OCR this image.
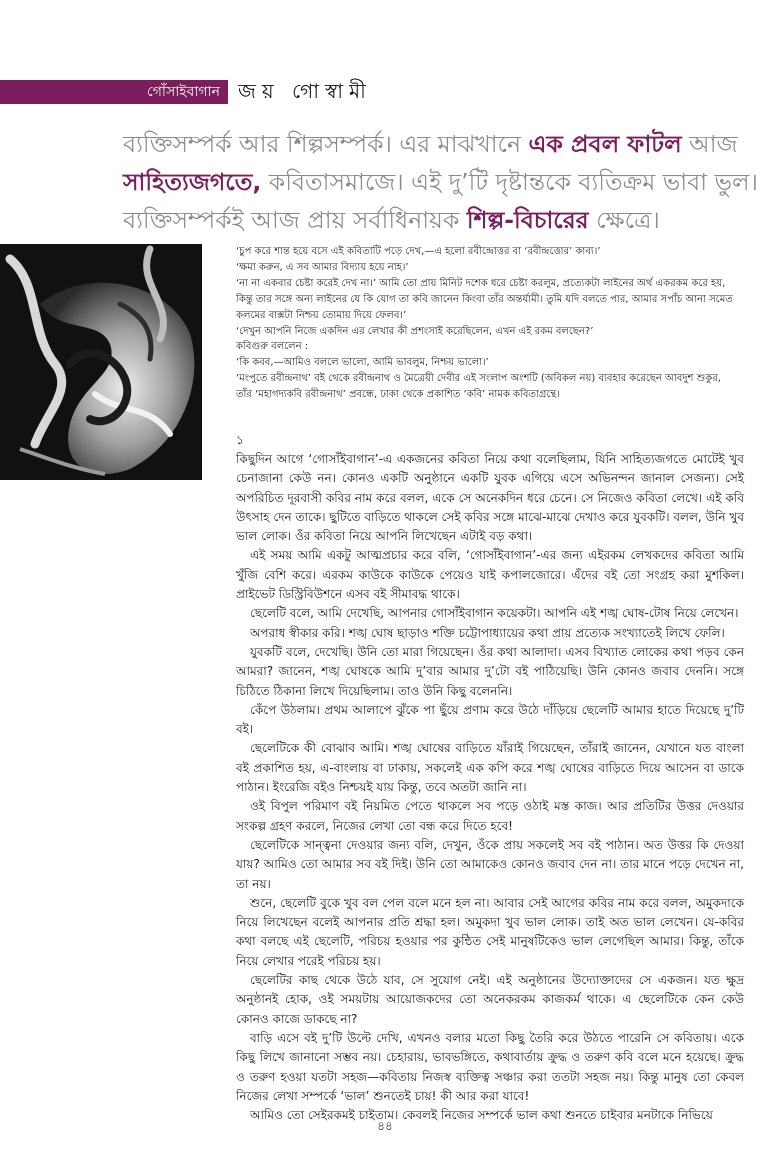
গোঁসাইবাগান জয় গোস্বামী

ব্যক্তিসম্পর্ক আর শিল্পসম্পর্ক। এর মাঝখানে এক প্রবল ফাটল আজ সাহিত্যজগতে, কবিতাসমাজে। এই দু’টি দৃষ্টান্তকে ব্যতিক্রম ভাবা ভুল। ব্যক্তিসম্পর্কই আজ প্রায় সর্বাধিনায়ক শিল্প-বিচারের ক্ষেত্রে।

‘চুপ করে শান্ত হয়ে বসে এই কবিতাটি পড়ে দেখ,—এ হলো রবীন্দ্রোত্তর বা ‘রবীন্দ্রত্তোর’ কাব্য।’

‘ক্ষমা করুন, এ সব আমার বিদ্যায় হয়ে নাহ।’

‘না না একবার চেষ্টা করেই দেখ না।’ আমি তো প্রায় মিনিট দশেক ধরে চেষ্টা করলুম, প্রত্যেকটা লাইনের অর্থ একরকম করে হয়, কিন্তু তার সঙ্গে অন্য লাইনের যে কি যোগ তা কবি জানেন কিংবা তাঁর অন্তর্যামী। তুমি যদি বলতে পার, আমার সপাঁচ আনা সমেত কলমের বাক্সটা নিশ্চয় তোমায় দিয়ে ফেলব।’

‘দেখুন আপনি নিজে একদিন এর লেখার কী প্রশংসাই করেছিলেন, এখন এই রকম বলছেন?’

কবিগুরু বললেন :

‘কি কবব,—আমিও বললে ভালো, আমি ভাবলুম, নিশ্চয় ভালো।’

‘মংপুতে রবীন্দ্রনাথ’ বই থেকে রবীন্দ্রনাথ ও মৈত্রেয়ী দেবীর এই সংলাপ অংশটি (অবিকল নয়) ব্যবহার করেছেন আবদুশ শুকুর, তাঁর ‘মহাগদ্যকবি রবীন্দ্রনাথ’ প্রবন্ধে, ঢাকা থেকে প্রকাশিত ‘কবি’ নামক কবিতাগ্রন্থে।

১

কিছুদিন আগে ‘গোসাঁইবাগান’-এ একজনের কবিতা নিয়ে কথা বলেছিলাম, যিনি সাহিত্যজগতে মোটেই খুব চেনাজানা কেউ নন। কোনও একটি অনুষ্ঠানে একটি যুবক এগিয়ে এসে অভিনন্দন জানাল সেজন্য। সেই অপরিচিত দূরবাসী কবির নাম করে বলল, একে সে অনেকদিন ধরে চেনে। সে নিজেও কবিতা লেখে। এই কবি উৎসাহ দেন তাকে। ছুটিতে বাড়িতে থাকলে সেই কবির সঙ্গে মাঝে-মাঝে দেখাও করে যুবকটি। বলল, উনি খুব ভাল লোক। ওঁর কবিতা নিয়ে আপনি লিখেছেন এটাই বড় কথা।

এই সময় আমি একটু আত্মপ্রচার করে বলি, ‘গোসাঁইবাগান’-এর জন্য এইরকম লেখকদের কবিতা আমি খুঁজি বেশি করে। এরকম কাউকে কাউকে পেয়েও যাই কপালজোরে। এঁদের বই তো সংগ্রহ করা মুশকিল। প্রাইভেট ডিস্ট্রিবিউশনে এসব বই সীমাবদ্ধ থাকে।

ছেলেটি বলে, আমি দেখেছি, আপনার গোসাঁইবাগান কয়েকটা। আপনি এই শঙ্খ ঘোষ-টোষ নিয়ে লেখেন।

অপরাধ স্বীকার করি। শঙ্খ ঘোষ ছাড়াও শক্তি চট্টোপাধ্যায়ের কথা প্রায় প্রত্যেক সংখ্যাতেই লিখে ফেলি।

যুবকটি বলে, দেখেছি। উনি তো মারা গিয়েছেন। ওঁর কথা আলাদা। এসব বিখ্যাত লোকের কথা পড়ব কেন আমরা? জানেন, শঙ্খ ঘোষকে আমি দু’বার আমার দু’টো বই পাঠিয়েছি। উনি কোনও জবাব দেননি। সঙ্গে চিঠিতে ঠিকানা লিখে দিয়েছিলাম। তাও উনি কিছু বলেননি।

কেঁপে উঠলাম। প্রথম আলাপে ঝুঁকে পা ছুঁয়ে প্রণাম করে উঠে দাঁড়িয়ে ছেলেটি আমার হাতে দিয়েছে দু’টি বই।

ছেলেটিকে কী বোঝাব আমি। শঙ্খ ঘোষের বাড়িতে যাঁরাই গিয়েছেন, তাঁরাই জানেন, যেখানে যত বাংলা বই প্রকাশিত হয়, এ-বাংলায় বা ঢাকায়, সকলেই এক কপি করে শঙ্খ ঘোষের বাড়িতে দিয়ে আসেন বা ডাকে পাঠান। ইংরেজি বইও নিশ্চয়ই যায় কিন্তু, তবে অতটা জানি না।

ওই বিপুল পরিমাণ বই নিয়মিত পেতে থাকলে সব পড়ে ওঠাই মস্ত কাজ। আর প্রতিটির উত্তর দেওয়ার সংকল্প গ্রহণ করলে, নিজের লেখা তো বন্ধ করে দিতে হবে!

ছেলেটিকে সান্ত্বনা দেওয়ার জন্য বলি, দেখুন, ওঁকে প্রায় সকলেই সব বই পাঠান। অত উত্তর কি দেওয়া যায়? আমিও তো আমার সব বই দিই। উনি তো আমাকেও কোনও জবাব দেন না। তার মানে পড়ে দেখেন না, তা নয়।

শুনে, ছেলেটি বুকে খুব বল পেল বলে মনে হল না। আবার সেই আগের কবির নাম করে বলল, অমুকদাকে নিয়ে লিখেছেন বলেই আপনার প্রতি শ্রদ্ধা হল। অমুকদা খুব ভাল লোক। তাই অত ভাল লেখেন। যে-কবির কথা বলছে এই ছেলেটি, পরিচয় হওয়ার পর কুন্ঠিত সেই মানুষটিকেও ভাল লেগেছিল আমার। কিন্তু, তাঁকে নিয়ে লেখার পরেই পরিচয় হয়।

ছেলেটির কাছ থেকে উঠে যাব, সে সুযোগ নেই। এই অনুষ্ঠানের উদ্যোক্তাদের সে একজন। যত ক্ষুদ্র অনুষ্ঠানই হোক, ওই সময়টায় আয়োজকদের তো অনেকরকম কাজকর্ম থাকে। এ ছেলেটিকে কেন কেউ কোনও কাজে ডাকছে না?

বাড়ি এসে বই দু’টি উল্টে দেখি, এখনও বলার মতো কিছু তৈরি করে উঠতে পারেনি সে কবিতায়। একে কিছু লিখে জানানো সম্ভব নয়। চেহারায়, ভাবভঙ্গিতে, কথাবার্তায় ক্রুদ্ধ ও তরুণ কবি বলে মনে হয়েছে। ক্রুদ্ধ ও তরুণ হওয়া যতটা সহজ—কবিতায় নিজস্ব ব্যক্তিত্ব সঞ্চার করা ততটা সহজ নয়। কিন্তু মানুষ তো কেবল নিজের লেখা সম্পর্কে ‘ভাল’ শুনতেই চায়! কী আর করা যাবে!

আমিও তো সেইরকমই চাইতাম। কেবলই নিজের সম্পর্কে ভাল কথা শুনতে চাইবার মনটাকে নিভিয়ে

৪৪
